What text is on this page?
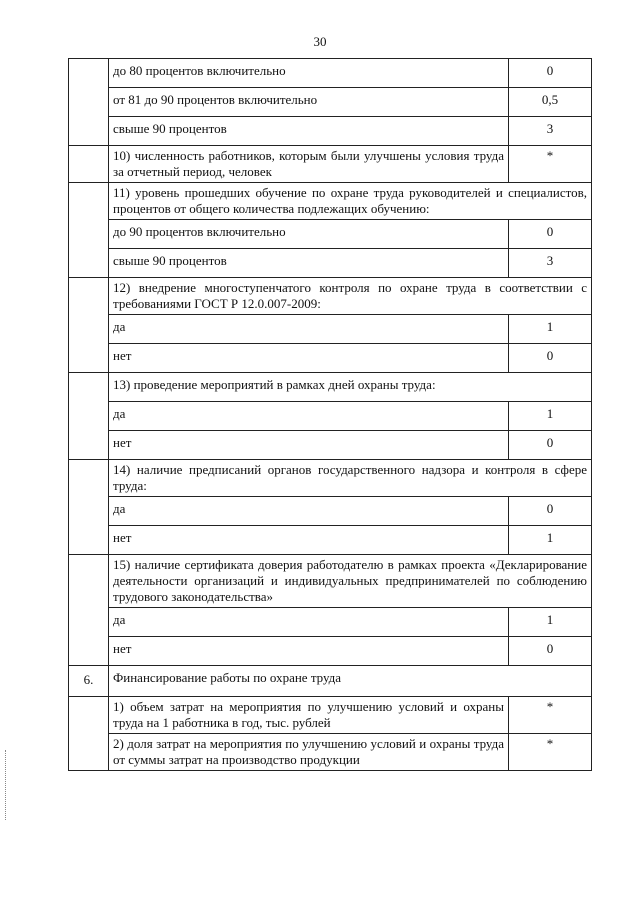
30
	до 80 процентов включительно	0
	от 81 до 90 процентов включительно	0,5
	свыше 90 процентов	3
	10) численность работников, которым были улучшены условия труда за отчетный период, человек	*
	11) уровень прошедших обучение по охране труда руководителей и специалистов, процентов от общего количества подлежащих обучению:	
	до 90 процентов включительно	0
	свыше 90 процентов	3
	12) внедрение многоступенчатого контроля по охране труда в соответствии с требованиями ГОСТ Р 12.0.007-2009:	
	да	1
	нет	0
	13) проведение мероприятий в рамках дней охраны труда:	
	да	1
	нет	0
	14) наличие предписаний органов государственного надзора и контроля в сфере труда:	
	да	0
	нет	1
	15) наличие сертификата доверия работодателю в рамках проекта «Декларирование деятельности организаций и индивидуальных предпринимателей по соблюдению трудового законодательства»	
	да	1
	нет	0
6.	Финансирование работы по охране труда	
	1) объем затрат на мероприятия по улучшению условий и охраны труда на 1 работника в год, тыс. рублей	*
	2) доля затрат на мероприятия по улучшению условий и охраны труда от суммы затрат на производство продукции	*
